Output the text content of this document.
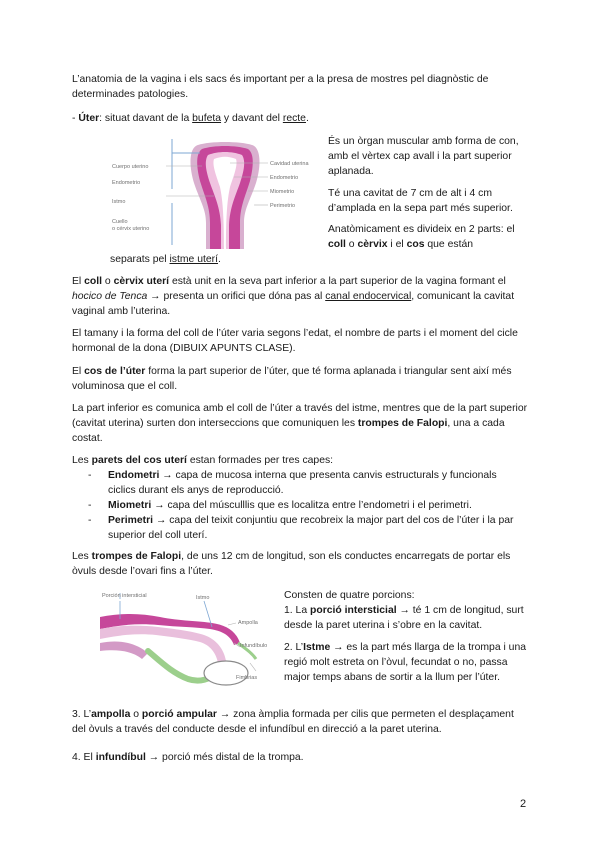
L’anatomia de la vagina i els sacs és important per a la presa de mostres pel diagnòstic de determinades patologies.

- Úter: situat davant de la bufeta y davant del recte.

Cuerpo uterino
Endometrio
Istmo
Cuello
o cérvix uterino
Cavidad uterina
Endometrio
Miometrio
Perimetrio

És un òrgan muscular amb forma de con, amb el vèrtex cap avall i la part superior aplanada.

Té una cavitat de 7 cm de alt i 4 cm d’amplada en la sepa part més superior.

Anatòmicament es divideix en 2 parts: el coll o cèrvix i el cos que están

separats pel istme uterí.

El coll o cèrvix uterí està unit en la seva part inferior a la part superior de la vagina formant el hocico de Tenca → presenta un orifici que dóna pas al canal endocervical, comunicant la cavitat vaginal amb l’uterina.

El tamany i la forma del coll de l’úter varia segons l’edat, el nombre de parts i el moment del cicle hormonal de la dona (DIBUIX APUNTS CLASE).

El cos de l’úter forma la part superior de l’úter, que té forma aplanada i triangular sent així més voluminosa que el coll.

La part inferior es comunica amb el coll de l’úter a través del istme, mentres que de la part superior (cavitat uterina) surten don interseccions que comuniquen les trompes de Falopi, una a cada costat.

Les parets del cos uterí estan formades per tres capes:

- Endometri → capa de mucosa interna que presenta canvis estructurals y funcionals ciclics durant els anys de reproducció.
- Miometri → capa del músculllis que es localitza entre l’endometri i el perimetri.
- Perimetri → capa del teixit conjuntiu que recobreix la major part del cos de l’úter i la par superior del coll uterí.

Les trompes de Falopi, de uns 12 cm de longitud, son els conductes encarregats de portar els òvuls desde l’ovari fins a l’úter.

Porción intersticial	Istmo
Ampolla
Infundíbulo
Fimbrias

Consten de quatre porcions:

1. La porció intersticial → té 1 cm de longitud, surt desde la paret uterina i s’obre en la cavitat.

2. L’Istme → es la part més llarga de la trompa i una regió molt estreta on l’òvul, fecundat o no, passa major temps abans de sortir a la llum per l’úter.

3. L’ampolla o porció ampular → zona àmplia formada per cilis que permeten el desplaçament del òvuls a través del conducte desde el infundíbul en direcció a la paret uterina.

4. El infundíbul → porció més distal de la trompa.

2
